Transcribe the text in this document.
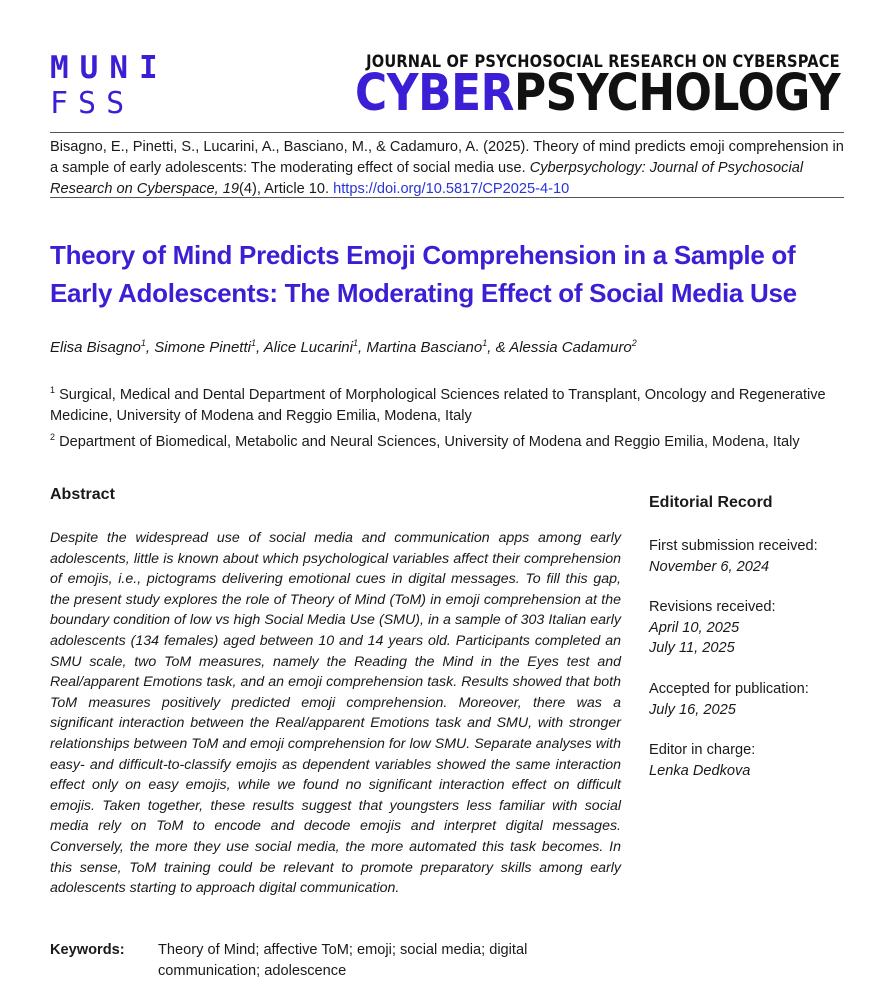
MUNI
FSS
JOURNAL OF PSYCHOSOCIAL RESEARCH ON CYBERSPACE
CYBERPSYCHOLOGY
Bisagno, E., Pinetti, S., Lucarini, A., Basciano, M., & Cadamuro, A. (2025). Theory of mind predicts emoji comprehension in a sample of early adolescents: The moderating effect of social media use. Cyberpsychology: Journal of Psychosocial Research on Cyberspace, 19(4), Article 10. https://doi.org/10.5817/CP2025-4-10
Theory of Mind Predicts Emoji Comprehension in a Sample of Early Adolescents: The Moderating Effect of Social Media Use
Elisa Bisagno$^1$, Simone Pinetti$^1$, Alice Lucarini$^1$, Martina Basciano$^1$, & Alessia Cadamuro$^2$
$^1$ Surgical, Medical and Dental Department of Morphological Sciences related to Transplant, Oncology and Regenerative Medicine, University of Modena and Reggio Emilia, Modena, Italy
$^2$ Department of Biomedical, Metabolic and Neural Sciences, University of Modena and Reggio Emilia, Modena, Italy
Abstract
Despite the widespread use of social media and communication apps among early adolescents, little is known about which psychological variables affect their comprehension of emojis, i.e., pictograms delivering emotional cues in digital messages. To fill this gap, the present study explores the role of Theory of Mind (ToM) in emoji comprehension at the boundary condition of low vs high Social Media Use (SMU), in a sample of 303 Italian early adolescents (134 females) aged between 10 and 14 years old. Participants completed an SMU scale, two ToM measures, namely the Reading the Mind in the Eyes test and Real/apparent Emotions task, and an emoji comprehension task. Results showed that both ToM measures positively predicted emoji comprehension. Moreover, there was a significant interaction between the Real/apparent Emotions task and SMU, with stronger relationships between ToM and emoji comprehension for low SMU. Separate analyses with easy- and difficult-to-classify emojis as dependent variables showed the same interaction effect only on easy emojis, while we found no significant interaction effect on difficult emojis. Taken together, these results suggest that youngsters less familiar with social media rely on ToM to encode and decode emojis and interpret digital messages. Conversely, the more they use social media, the more automated this task becomes. In this sense, ToM training could be relevant to promote preparatory skills among early adolescents starting to approach digital communication.
Editorial Record
First submission received:
November 6, 2024
Revisions received:
April 10, 2025
July 11, 2025
Accepted for publication:
July 16, 2025
Editor in charge:
Lenka Dedkova
Keywords: Theory of Mind; affective ToM; emoji; social media; digital communication; adolescence
